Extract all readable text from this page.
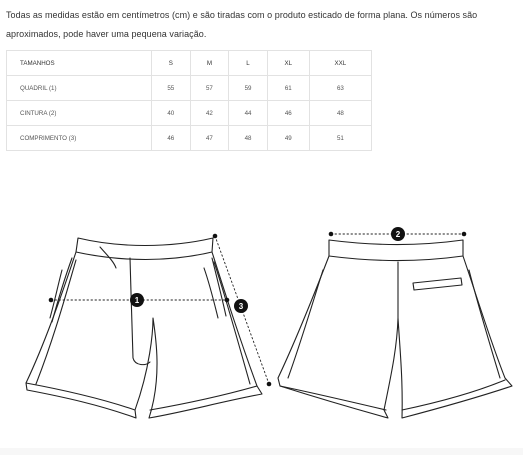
Todas as medidas estão em centímetros (cm) e são tiradas com o produto esticado de forma plana. Os números são aproximados, pode haver uma pequena variação.
TAMANHOS	S	M	L	XL	XXL
QUADRIL (1)	55	57	59	61	63
CINTURA (2)	40	42	44	46	48
COMPRIMENTO (3)	46	47	48	49	51
1
2
3
